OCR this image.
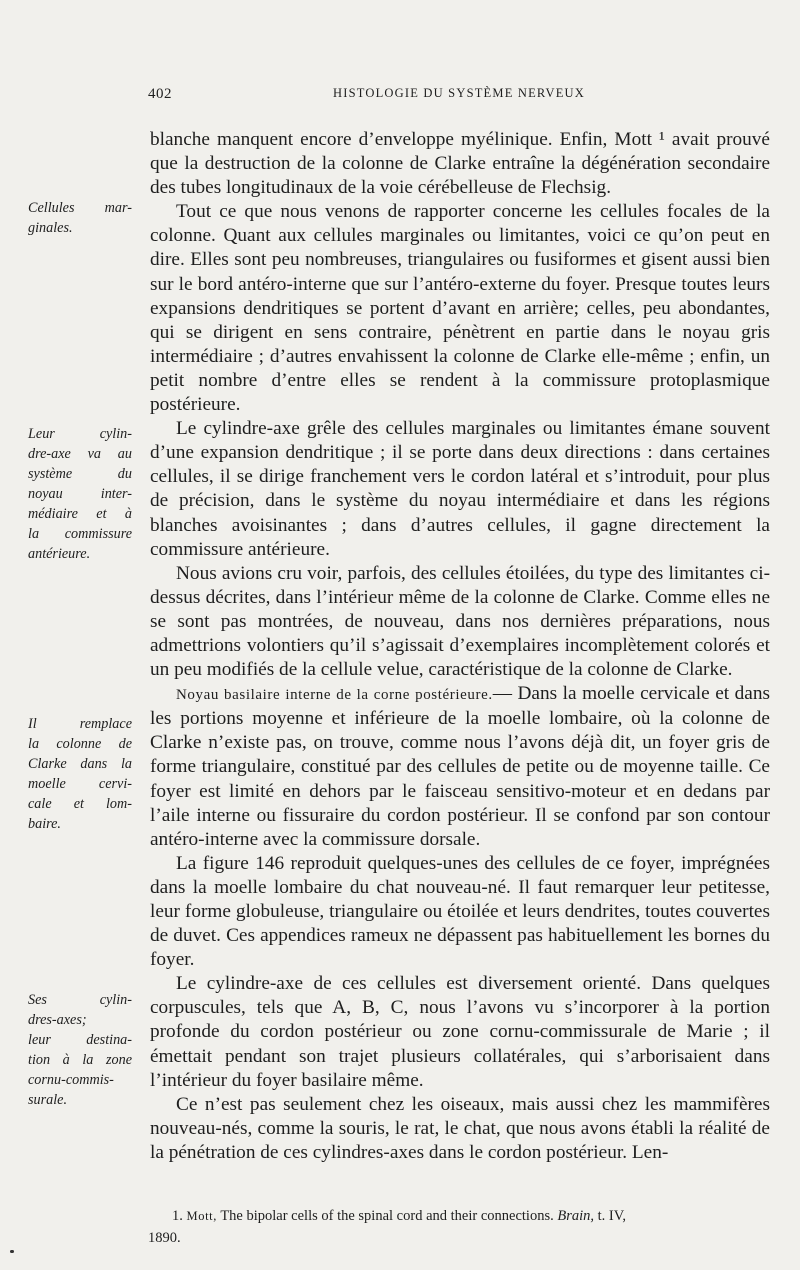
402	HISTOLOGIE DU SYSTÈME NERVEUX
Cellules mar-
ginales.
Leur cylin-
dre-axe va au
système du
noyau inter-
médiaire et à
la commissure
antérieure.
Il remplace
la colonne de
Clarke dans la
moelle cervi-
cale et lom-
baire.
Ses cylin-
dres-axes;
leur destina-
tion à la zone
cornu-commis-
surale.

blanche manquent encore d’enveloppe myélinique. Enfin, Mott ¹ avait prouvé que la destruction de la colonne de Clarke entraîne la dégénération secondaire des tubes longitudinaux de la voie cérébelleuse de Flechsig.

Tout ce que nous venons de rapporter concerne les cellules focales de la colonne. Quant aux cellules marginales ou limitantes, voici ce qu’on peut en dire. Elles sont peu nombreuses, triangulaires ou fusiformes et gisent aussi bien sur le bord antéro-interne que sur l’antéro-externe du foyer. Presque toutes leurs expansions dendritiques se portent d’avant en arrière; celles, peu abondantes, qui se dirigent en sens contraire, pénètrent en partie dans le noyau gris intermédiaire ; d’autres envahissent la colonne de Clarke elle-même ; enfin, un petit nombre d’entre elles se rendent à la commissure protoplasmique postérieure.

Le cylindre-axe grêle des cellules marginales ou limitantes émane souvent d’une expansion dendritique ; il se porte dans deux directions : dans certaines cellules, il se dirige franchement vers le cordon latéral et s’introduit, pour plus de précision, dans le système du noyau intermédiaire et dans les régions blanches avoisinantes ; dans d’autres cellules, il gagne directement la commissure antérieure.

Nous avions cru voir, parfois, des cellules étoilées, du type des limitantes ci-dessus décrites, dans l’intérieur même de la colonne de Clarke. Comme elles ne se sont pas montrées, de nouveau, dans nos dernières préparations, nous admettrions volontiers qu’il s’agissait d’exemplaires incomplètement colorés et un peu modifiés de la cellule velue, caractéristique de la colonne de Clarke.

Noyau basilaire interne de la corne postérieure.— Dans la moelle cervicale et dans les portions moyenne et inférieure de la moelle lombaire, où la colonne de Clarke n’existe pas, on trouve, comme nous l’avons déjà dit, un foyer gris de forme triangulaire, constitué par des cellules de petite ou de moyenne taille. Ce foyer est limité en dehors par le faisceau sensitivo-moteur et en dedans par l’aile interne ou fissuraire du cordon postérieur. Il se confond par son contour antéro-interne avec la commissure dorsale.

La figure 146 reproduit quelques-unes des cellules de ce foyer, imprégnées dans la moelle lombaire du chat nouveau-né. Il faut remarquer leur petitesse, leur forme globuleuse, triangulaire ou étoilée et leurs dendrites, toutes couvertes de duvet. Ces appendices rameux ne dépassent pas habituellement les bornes du foyer.

Le cylindre-axe de ces cellules est diversement orienté. Dans quelques corpuscules, tels que A, B, C, nous l’avons vu s’incorporer à la portion profonde du cordon postérieur ou zone cornu-commissurale de Marie ; il émettait pendant son trajet plusieurs collatérales, qui s’arborisaient dans l’intérieur du foyer basilaire même.

Ce n’est pas seulement chez les oiseaux, mais aussi chez les mammifères nouveau-nés, comme la souris, le rat, le chat, que nous avons établi la réalité de la pénétration de ces cylindres-axes dans le cordon postérieur. Len-

1. Mott, The bipolar cells of the spinal cord and their connections. Brain, t. IV,
1890.
